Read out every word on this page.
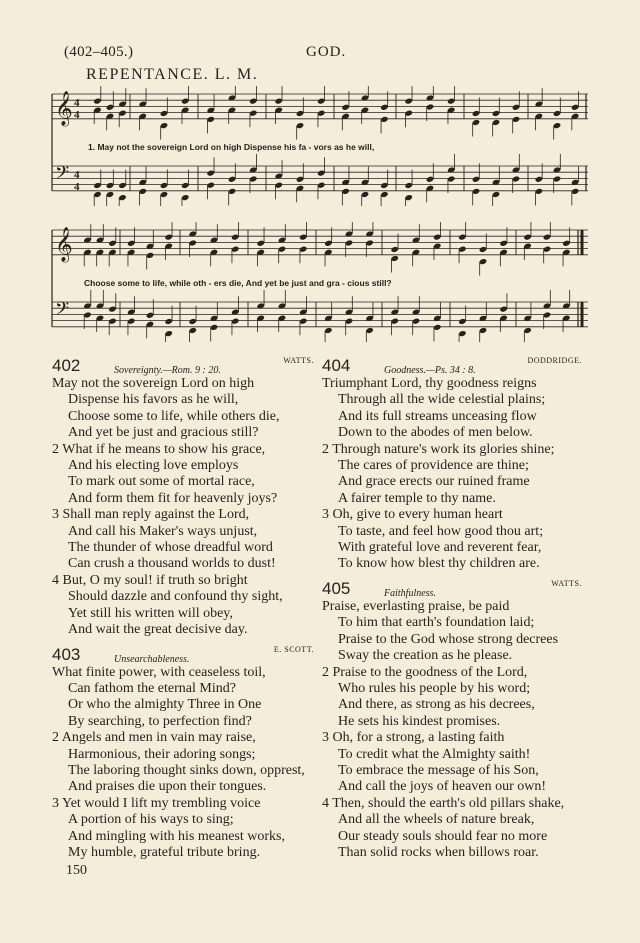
(402–405.)	GOD.
REPENTANCE. L. M.
𝄞 4
4
𝄢 4
4
1. May not the sovereign Lord on high Dispense his fa - vors as he will,
𝄞
𝄢
Choose some to life, while oth - ers die, And yet be just and gra - cious still?
402	Sovereignty.—Rom. 9 : 20.
WATTS.
May not the sovereign Lord on high
Dispense his favors as he will,
Choose some to life, while others die,
And yet be just and gracious still?
2 What if he means to show his grace,
And his electing love employs
To mark out some of mortal race,
And form them fit for heavenly joys?
3 Shall man reply against the Lord,
And call his Maker's ways unjust,
The thunder of whose dreadful word
Can crush a thousand worlds to dust!
4 But, O my soul! if truth so bright
Should dazzle and confound thy sight,
Yet still his written will obey,
And wait the great decisive day.
403	Unsearchableness.
E. SCOTT.
What finite power, with ceaseless toil,
Can fathom the eternal Mind?
Or who the almighty Three in One
By searching, to perfection find?
2 Angels and men in vain may raise,
Harmonious, their adoring songs;
The laboring thought sinks down, opprest,
And praises die upon their tongues.
3 Yet would I lift my trembling voice
A portion of his ways to sing;
And mingling with his meanest works,
My humble, grateful tribute bring.
404	Goodness.—Ps. 34 : 8.
DODDRIDGE.
Triumphant Lord, thy goodness reigns
Through all the wide celestial plains;
And its full streams unceasing flow
Down to the abodes of men below.
2 Through nature's work its glories shine;
The cares of providence are thine;
And grace erects our ruined frame
A fairer temple to thy name.
3 Oh, give to every human heart
To taste, and feel how good thou art;
With grateful love and reverent fear,
To know how blest thy children are.
405	Faithfulness.
WATTS.
Praise, everlasting praise, be paid
To him that earth's foundation laid;
Praise to the God whose strong decrees
Sway the creation as he please.
2 Praise to the goodness of the Lord,
Who rules his people by his word;
And there, as strong as his decrees,
He sets his kindest promises.
3 Oh, for a strong, a lasting faith
To credit what the Almighty saith!
To embrace the message of his Son,
And call the joys of heaven our own!
4 Then, should the earth's old pillars shake,
And all the wheels of nature break,
Our steady souls should fear no more
Than solid rocks when billows roar.
150
